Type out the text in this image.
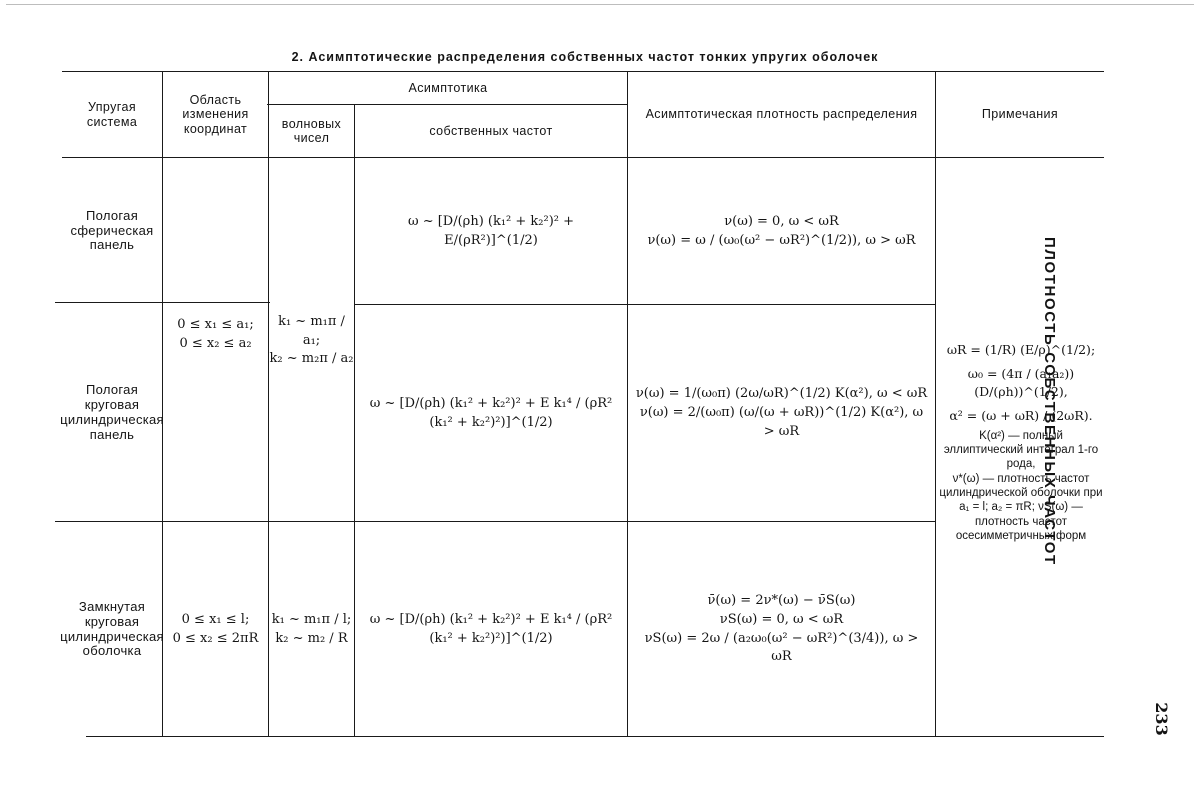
2. Асимптотические распределения собственных частот тонких упругих оболочек
Упругая система
Область изменения координат
Асимптотика
волновых чисел
собственных частот
Асимптотическая плотность распределения	Примечания
Пологая сферическая панель
ω ~ [D/(ρh) (k₁² + k₂²)² + E/(ρR²)]^(1/2)
ν(ω) = 0, ω < ωR
ν(ω) = ω / (ω₀(ω² − ωR²)^(1/2)), ω > ωR
0 ≤ x₁ ≤ a₁;
0 ≤ x₂ ≤ a₂
k₁ ~ m₁π / a₁;
k₂ ~ m₂π / a₂
Пологая круговая цилиндрическая панель
ω ~ [D/(ρh) (k₁² + k₂²)² + E k₁⁴ / (ρR² (k₁² + k₂²)²)]^(1/2)
ν(ω) = 1/(ω₀π) (2ω/ωR)^(1/2) K(α²), ω < ωR
ν(ω) = 2/(ω₀π) (ω/(ω + ωR))^(1/2) K(α²), ω > ωR
Замкнутая круговая цилиндрическая оболочка
0 ≤ x₁ ≤ l;
0 ≤ x₂ ≤ 2πR
k₁ ~ m₁π / l;
k₂ ~ m₂ / R
ω ~ [D/(ρh) (k₁² + k₂²)² + E k₁⁴ / (ρR² (k₁² + k₂²)²)]^(1/2)
ν̄(ω) = 2ν*(ω) − ν̄S(ω)
νS(ω) = 0, ω < ωR
νS(ω) = 2ω / (a₂ω₀(ω² − ωR²)^(3/4)), ω > ωR
ωR = (1/R) (E/ρ)^(1/2);
ω₀ = (4π / (a₁a₂)) (D/(ρh))^(1/2),
α² = (ω + ωR) / (2ωR).
K(α²) — полный эллиптический интеграл 1-го рода,
ν*(ω) — плотность частот цилиндрической оболочки при a₁ = l; a₂ = πR; νS(ω) — плотность частот осесимметричных форм
ПЛОТНОСТЬ СОБСТВЕННЫХ ЧАСТОТ
233
